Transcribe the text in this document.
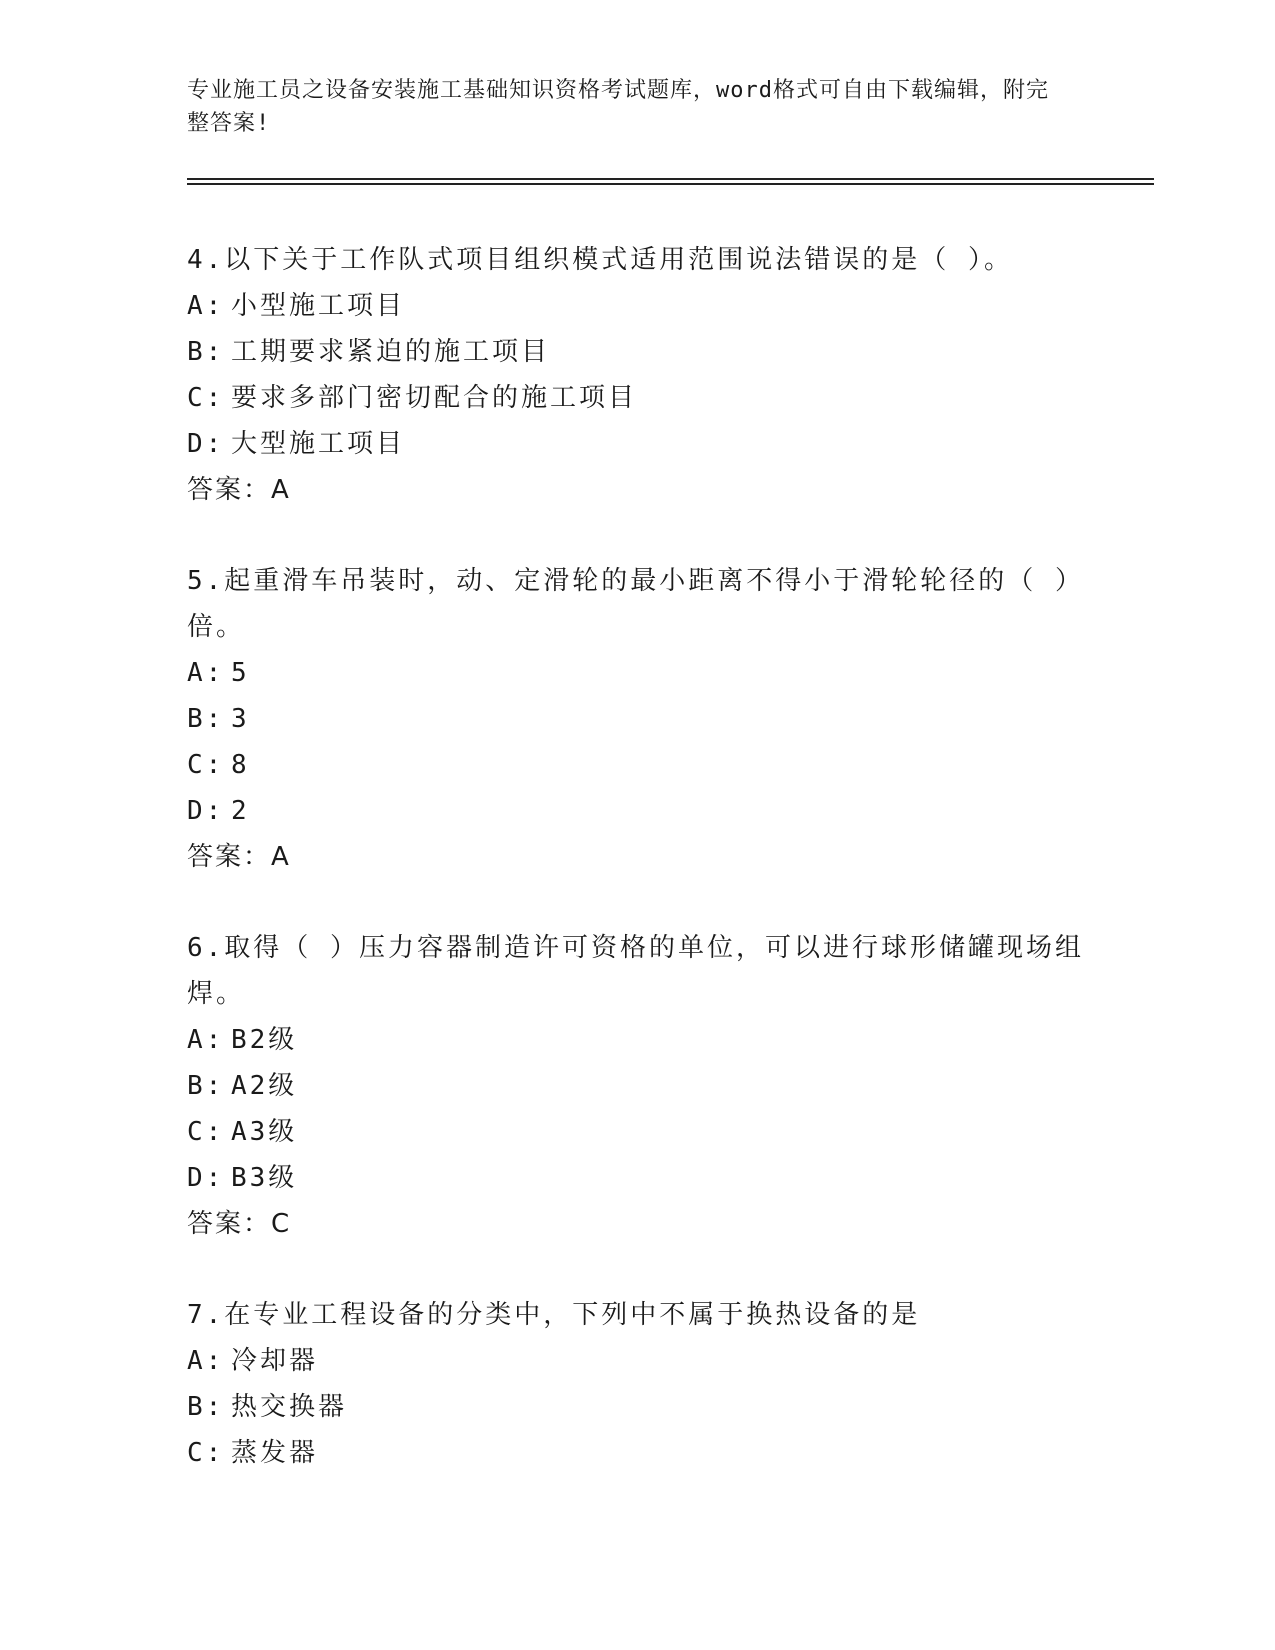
专业施工员之设备安装施工基础知识资格考试题库，word格式可自由下载编辑，附完整答案!
4.以下关于工作队式项目组织模式适用范围说法错误的是（ ）。
A: 小型施工项目
B: 工期要求紧迫的施工项目
C: 要求多部门密切配合的施工项目
D: 大型施工项目
答案：A
5.起重滑车吊装时，动、定滑轮的最小距离不得小于滑轮轮径的（ ）倍。
A: 5
B: 3
C: 8
D: 2
答案：A
6.取得（ ）压力容器制造许可资格的单位，可以进行球形储罐现场组焊。
A: B2级
B: A2级
C: A3级
D: B3级
答案：C
7.在专业工程设备的分类中，下列中不属于换热设备的是
A: 冷却器
B: 热交换器
C: 蒸发器
